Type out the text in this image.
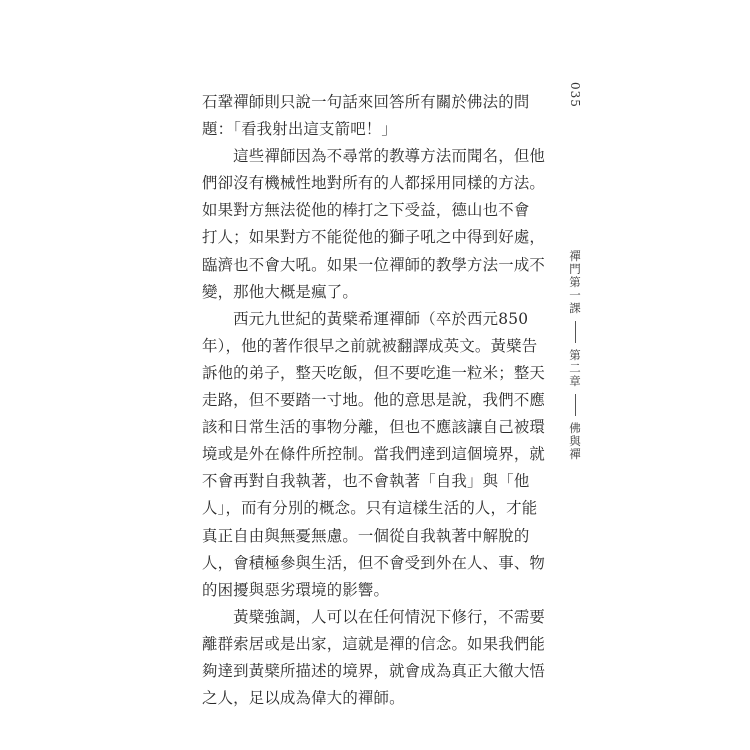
石鞏禪師則只說一句話來回答所有關於佛法的問
題：「看我射出這支箭吧！」
　　這些禪師因為不尋常的教導方法而聞名，但他
們卻沒有機械性地對所有的人都採用同樣的方法。
如果對方無法從他的棒打之下受益，德山也不會
打人；如果對方不能從他的獅子吼之中得到好處，
臨濟也不會大吼。如果一位禪師的教學方法一成不
變，那他大概是瘋了。
　　西元九世紀的黃檗希運禪師（卒於西元850
年），他的著作很早之前就被翻譯成英文。黃檗告
訴他的弟子，整天吃飯，但不要吃進一粒米；整天
走路，但不要踏一寸地。他的意思是說，我們不應
該和日常生活的事物分離，但也不應該讓自己被環
境或是外在條件所控制。當我們達到這個境界，就
不會再對自我執著，也不會執著「自我」與「他
人」，而有分別的概念。只有這樣生活的人，才能
真正自由與無憂無慮。一個從自我執著中解脫的
人，會積極參與生活，但不會受到外在人、事、物
的困擾與惡劣環境的影響。
　　黃檗強調，人可以在任何情況下修行，不需要
離群索居或是出家，這就是禪的信念。如果我們能
夠達到黃檗所描述的境界，就會成為真正大徹大悟
之人，足以成為偉大的禪師。
035
禪門第一課
第二章
佛與禪
